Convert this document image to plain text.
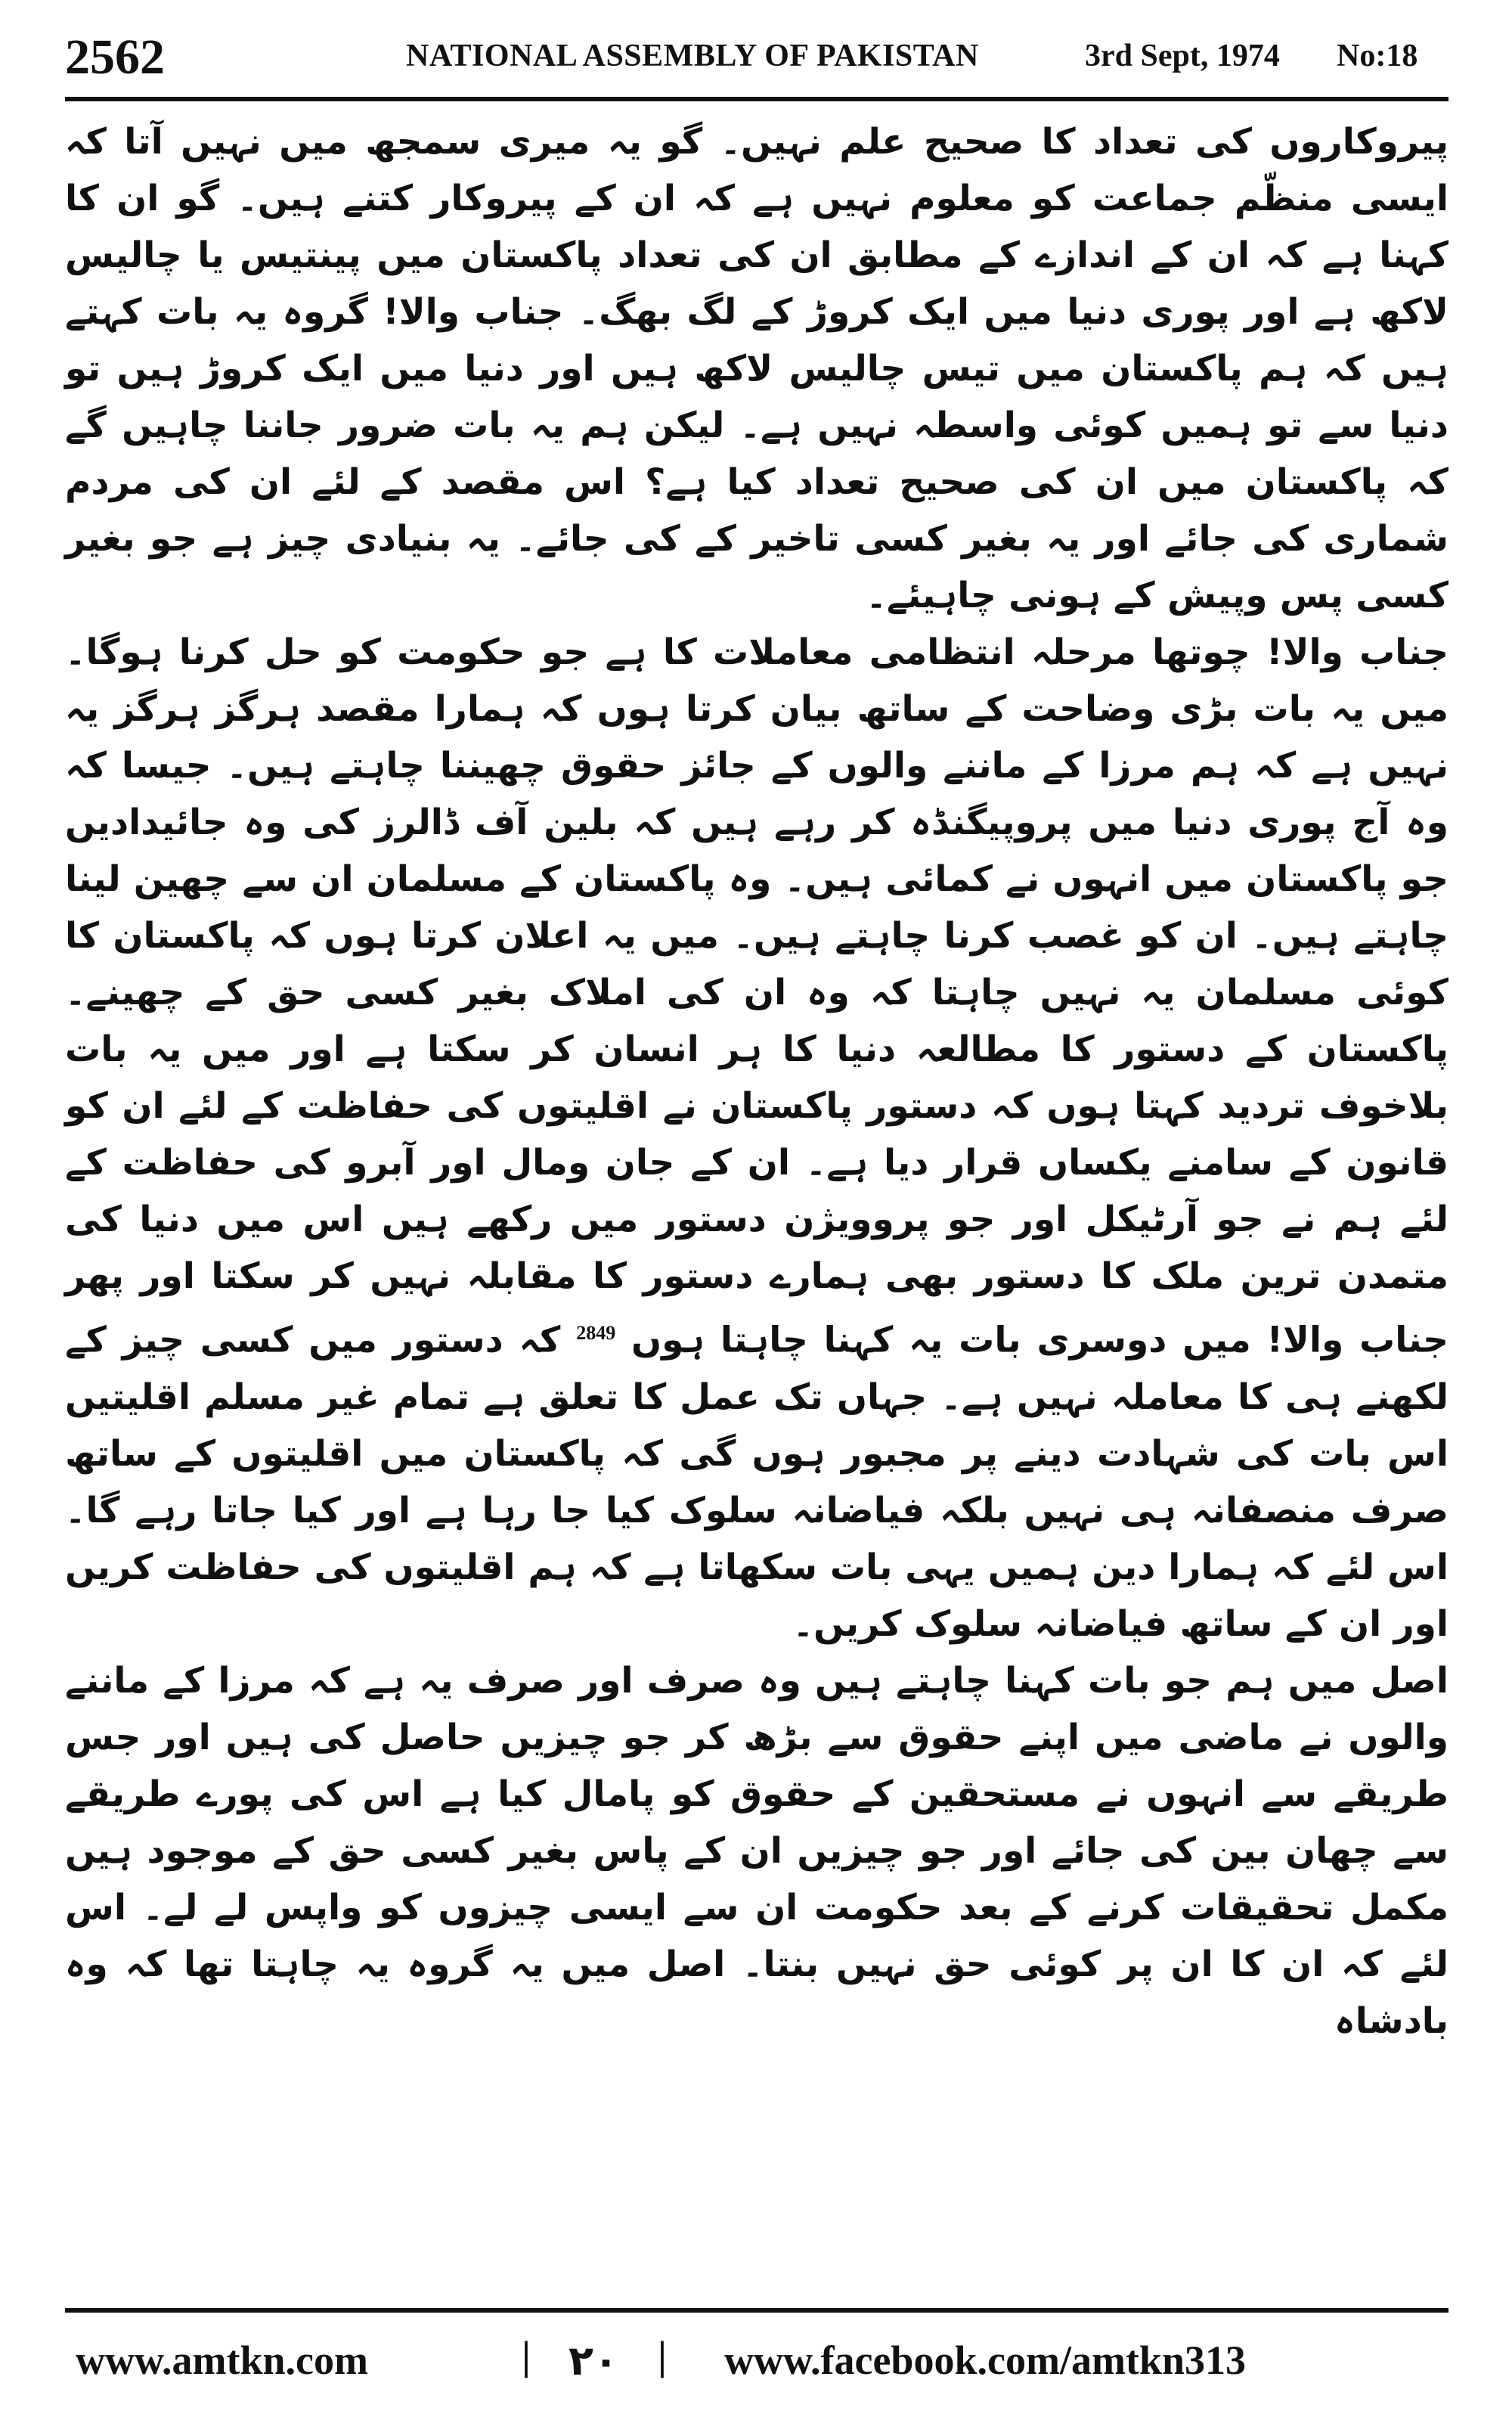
2562	NATIONAL ASSEMBLY OF PAKISTAN	3rd Sept, 1974 No:18

پیروکاروں کی تعداد کا صحیح علم نہیں۔ گو یہ میری سمجھ میں نہیں آتا کہ ایسی منظّم جماعت کو معلوم نہیں ہے کہ ان کے پیروکار کتنے ہیں۔ گو ان کا کہنا ہے کہ ان کے اندازے کے مطابق ان کی تعداد پاکستان میں پینتیس یا چالیس لاکھ ہے اور پوری دنیا میں ایک کروڑ کے لگ بھگ۔ جناب والا! گروہ یہ بات کہتے ہیں کہ ہم پاکستان میں تیس چالیس لاکھ ہیں اور دنیا میں ایک کروڑ ہیں تو دنیا سے تو ہمیں کوئی واسطہ نہیں ہے۔ لیکن ہم یہ بات ضرور جاننا چاہیں گے کہ پاکستان میں ان کی صحیح تعداد کیا ہے؟ اس مقصد کے لئے ان کی مردم شماری کی جائے اور یہ بغیر کسی تاخیر کے کی جائے۔ یہ بنیادی چیز ہے جو بغیر کسی پس وپیش کے ہونی چاہیئے۔

جناب والا! چوتھا مرحلہ انتظامی معاملات کا ہے جو حکومت کو حل کرنا ہوگا۔ میں یہ بات بڑی وضاحت کے ساتھ بیان کرتا ہوں کہ ہمارا مقصد ہرگز ہرگز یہ نہیں ہے کہ ہم مرزا کے ماننے والوں کے جائز حقوق چھیننا چاہتے ہیں۔ جیسا کہ وہ آج پوری دنیا میں پروپیگنڈہ کر رہے ہیں کہ بلین آف ڈالرز کی وہ جائیدادیں جو پاکستان میں انہوں نے کمائی ہیں۔ وہ پاکستان کے مسلمان ان سے چھین لینا چاہتے ہیں۔ ان کو غصب کرنا چاہتے ہیں۔ میں یہ اعلان کرتا ہوں کہ پاکستان کا کوئی مسلمان یہ نہیں چاہتا کہ وہ ان کی املاک بغیر کسی حق کے چھینے۔ پاکستان کے دستور کا مطالعہ دنیا کا ہر انسان کر سکتا ہے اور میں یہ بات بلاخوف تردید کہتا ہوں کہ دستور پاکستان نے اقلیتوں کی حفاظت کے لئے ان کو قانون کے سامنے یکساں قرار دیا ہے۔ ان کے جان ومال اور آبرو کی حفاظت کے لئے ہم نے جو آرٹیکل اور جو پروویژن دستور میں رکھے ہیں اس میں دنیا کی متمدن ترین ملک کا دستور بھی ہمارے دستور کا مقابلہ نہیں کر سکتا اور پھر جناب والا! میں دوسری بات یہ کہنا چاہتا ہوں $^{2849}$ کہ دستور میں کسی چیز کے لکھنے ہی کا معاملہ نہیں ہے۔ جہاں تک عمل کا تعلق ہے تمام غیر مسلم اقلیتیں اس بات کی شہادت دینے پر مجبور ہوں گی کہ پاکستان میں اقلیتوں کے ساتھ صرف منصفانہ ہی نہیں بلکہ فیاضانہ سلوک کیا جا رہا ہے اور کیا جاتا رہے گا۔ اس لئے کہ ہمارا دین ہمیں یہی بات سکھاتا ہے کہ ہم اقلیتوں کی حفاظت کریں اور ان کے ساتھ فیاضانہ سلوک کریں۔

اصل میں ہم جو بات کہنا چاہتے ہیں وہ صرف اور صرف یہ ہے کہ مرزا کے ماننے والوں نے ماضی میں اپنے حقوق سے بڑھ کر جو چیزیں حاصل کی ہیں اور جس طریقے سے انہوں نے مستحقین کے حقوق کو پامال کیا ہے اس کی پورے طریقے سے چھان بین کی جائے اور جو چیزیں ان کے پاس بغیر کسی حق کے موجود ہیں مکمل تحقیقات کرنے کے بعد حکومت ان سے ایسی چیزوں کو واپس لے لے۔ اس لئے کہ ان کا ان پر کوئی حق نہیں بنتا۔ اصل میں یہ گروہ یہ چاہتا تھا کہ وہ بادشاہ

www.amtkn.com	| ۲۰ | www.facebook.com/amtkn313
